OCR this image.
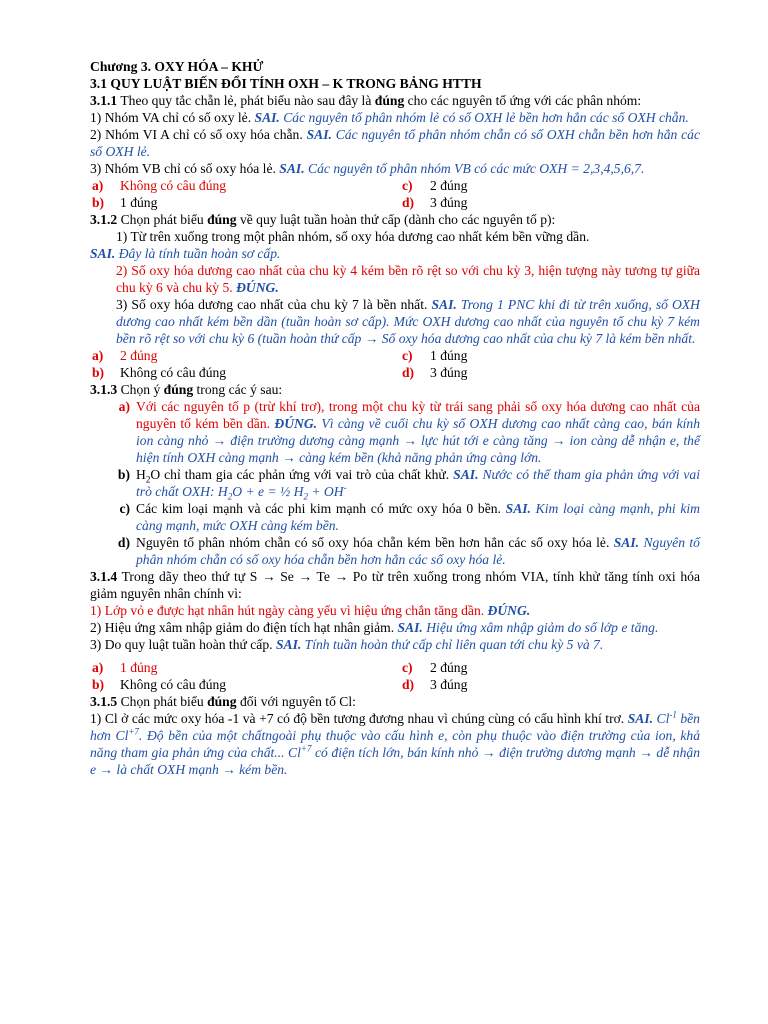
Chương 3. OXY HÓA – KHỬ
3.1 QUY LUẬT BIẾN ĐỔI TÍNH OXH – K TRONG BẢNG HTTH
3.1.1 Theo quy tắc chẵn lẻ, phát biểu nào sau đây là đúng cho các nguyên tố ứng với các phân nhóm:
1) Nhóm VA chỉ có số oxy lẻ. SAI. Các nguyên tố phân nhóm lẻ có số OXH lẻ bền hơn hẳn các số OXH chẵn.
2) Nhóm VI A chỉ có số oxy hóa chẵn. SAI. Các nguyên tố phân nhóm chẵn có số OXH chẵn bền hơn hẳn các số OXH lẻ.
3) Nhóm VB chỉ có số oxy hóa lẻ. SAI. Các nguyên tố phân nhóm VB có các mức OXH = 2,3,4,5,6,7.
a)	Không có câu đúng	c)	2 đúng
b)	1 đúng	d)	3 đúng
3.1.2 Chọn phát biểu đúng về quy luật tuần hoàn thứ cấp (dành cho các nguyên tố p):
1) Từ trên xuống trong một phân nhóm, số oxy hóa dương cao nhất kém bền vững dần.
SAI. Đây là tính tuần hoàn sơ cấp.
2) Số oxy hóa dương cao nhất của chu kỳ 4 kém bền rõ rệt so với chu kỳ 3, hiện tượng này tương tự giữa chu kỳ 6 và chu kỳ 5. ĐÚNG.
3) Số oxy hóa dương cao nhất của chu kỳ 7 là bền nhất. SAI. Trong 1 PNC khi đi từ trên xuống, số OXH dương cao nhất kém bền dần (tuần hoàn sơ cấp). Mức OXH dương cao nhất của nguyên tố chu kỳ 7 kém bền rõ rệt so với chu kỳ 6 (tuần hoàn thứ cấp → Số oxy hóa dương cao nhất của chu kỳ 7 là kém bền nhất.
a)	2 đúng	c)	1 đúng
b)	Không có câu đúng	d)	3 đúng
3.1.3 Chọn ý đúng trong các ý sau:
a) Với các nguyên tố p (trừ khí trơ), trong một chu kỳ từ trái sang phải số oxy hóa dương cao nhất của nguyên tố kém bền dần. ĐÚNG. Vì càng về cuối chu kỳ số OXH dương cao nhất càng cao, bán kính ion càng nhỏ → điện trường dương càng mạnh → lực hút tới e càng tăng → ion càng dễ nhận e, thể hiện tính OXH càng mạnh → càng kém bền (khả năng phản ứng càng lớn.
b) $H_2O$ chỉ tham gia các phản ứng với vai trò của chất khử. SAI. Nước có thể tham gia phản ứng với vai trò chất OXH: $H_2O + e$ = ½ $H_2 + OH^-$
c) Các kim loại mạnh và các phi kim mạnh có mức oxy hóa 0 bền. SAI. Kim loại càng mạnh, phi kim càng mạnh, mức OXH càng kém bền.
d) Nguyên tố phân nhóm chẵn có số oxy hóa chẵn kém bền hơn hẳn các số oxy hóa lẻ. SAI. Nguyên tố phân nhóm chẵn có số oxy hóa chẵn bền hơn hẳn các số oxy hóa lẻ.
3.1.4 Trong dãy theo thứ tự S → Se → Te → Po từ trên xuống trong nhóm VIA, tính khử tăng tính oxi hóa giảm nguyên nhân chính vì:
1) Lớp vỏ e được hạt nhân hút ngày càng yếu vì hiệu ứng chắn tăng dần. ĐÚNG.
2) Hiệu ứng xâm nhập giảm do điện tích hạt nhân giảm. SAI. Hiệu ứng xâm nhập giảm do số lớp e tăng.
3) Do quy luật tuần hoàn thứ cấp. SAI. Tính tuần hoàn thứ cấp chỉ liên quan tới chu kỳ 5 và 7.
a)	1 đúng	c)	2 đúng
b)	Không có câu đúng	d)	3 đúng
3.1.5 Chọn phát biểu đúng đối với nguyên tố Cl:
1) Cl ở các mức oxy hóa -1 và +7 có độ bền tương đương nhau vì chúng cùng có cấu hình khí trơ. SAI. $Cl^{-1}$ bền hơn $Cl^{+7}$. Độ bền của một chấtngoài phụ thuộc vào cấu hình e, còn phụ thuộc vào điện trường của ion, khả năng tham gia phản ứng của chất... $Cl^{+7}$ có điện tích lớn, bán kính nhỏ → điện trường dương mạnh → dễ nhận e → là chất OXH mạnh → kém bền.
